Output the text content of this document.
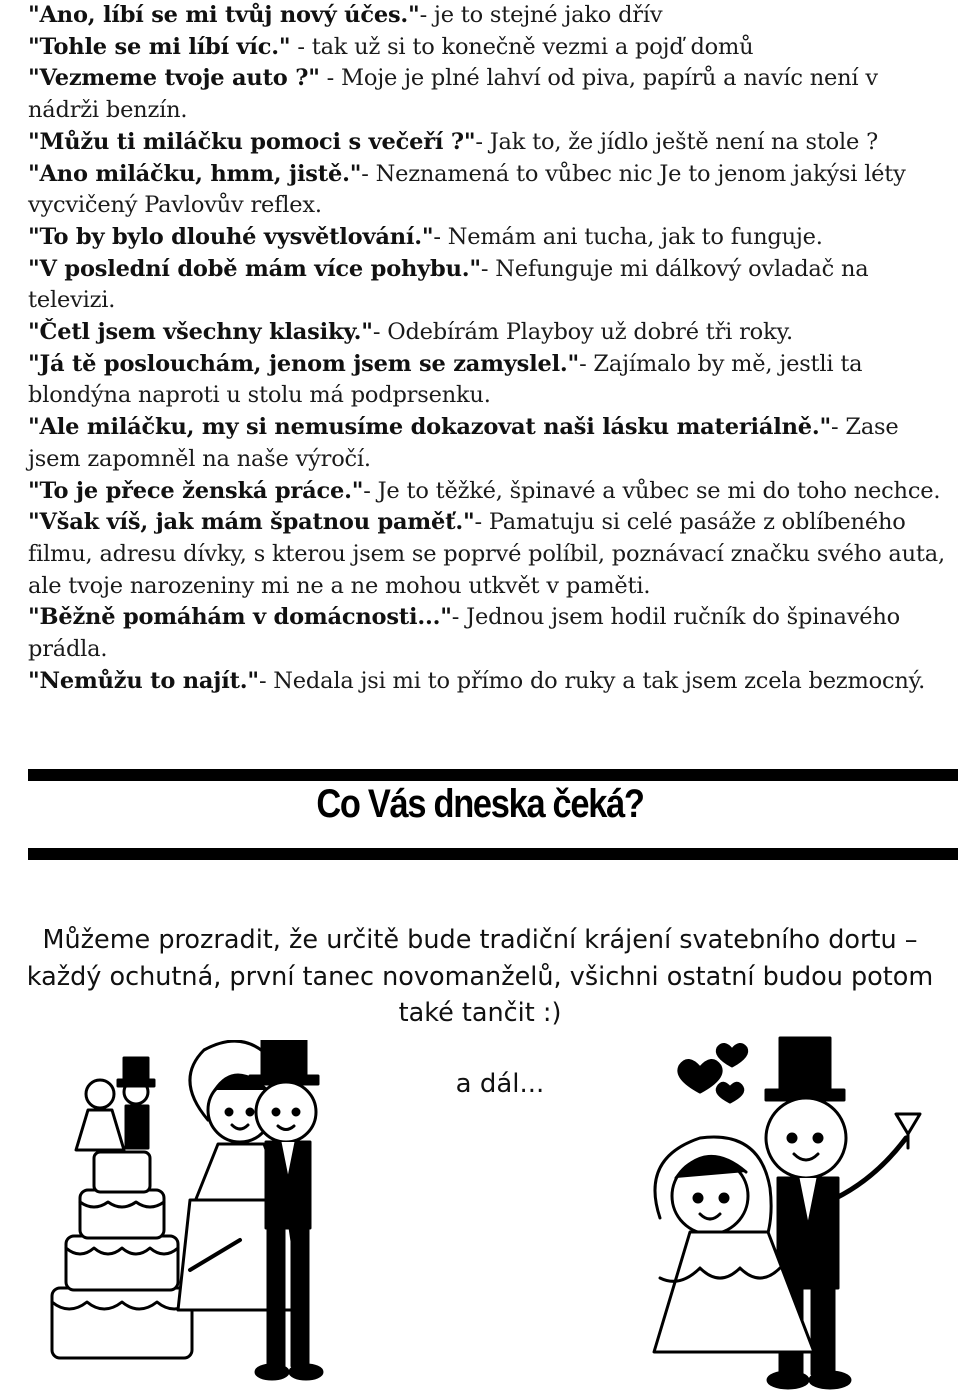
"Ano, líbí se mi tvůj nový účes."- je to stejné jako dřív

"Tohle se mi líbí víc." - tak už si to konečně vezmi a pojď domů

"Vezmeme tvoje auto ?" - Moje je plné lahví od piva, papírů a navíc není v nádrži benzín.

"Můžu ti miláčku pomoci s večeří ?"- Jak to, že jídlo ještě není na stole ?

"Ano miláčku, hmm, jistě."- Neznamená to vůbec nic Je to jenom jakýsi léty vycvičený Pavlovův reflex.

"To by bylo dlouhé vysvětlování."- Nemám ani tucha, jak to funguje.

"V poslední době mám více pohybu."- Nefunguje mi dálkový ovladač na televizi.

"Četl jsem všechny klasiky."- Odebírám Playboy už dobré tři roky.

"Já tě poslouchám, jenom jsem se zamyslel."- Zajímalo by mě, jestli ta blondýna naproti u stolu má podprsenku.

"Ale miláčku, my si nemusíme dokazovat naši lásku materiálně."- Zase jsem zapomněl na naše výročí.

"To je přece ženská práce."- Je to těžké, špinavé a vůbec se mi do toho nechce.

"Však víš, jak mám špatnou paměť."- Pamatuju si celé pasáže z oblíbeného filmu, adresu dívky, s kterou jsem se poprvé políbil, poznávací značku svého auta, ale tvoje narozeniny mi ne a ne mohou utkvět v paměti.

"Běžně pomáhám v domácnosti..."- Jednou jsem hodil ručník do špinavého prádla.

"Nemůžu to najít."- Nedala jsi mi to přímo do ruky a tak jsem zcela bezmocný.

Co Vás dneska čeká?
Můžeme prozradit, že určitě bude tradiční krájení svatebního dortu – každý ochutná, první tanec novomanželů, všichni ostatní budou potom také tančit :)
a dál...
